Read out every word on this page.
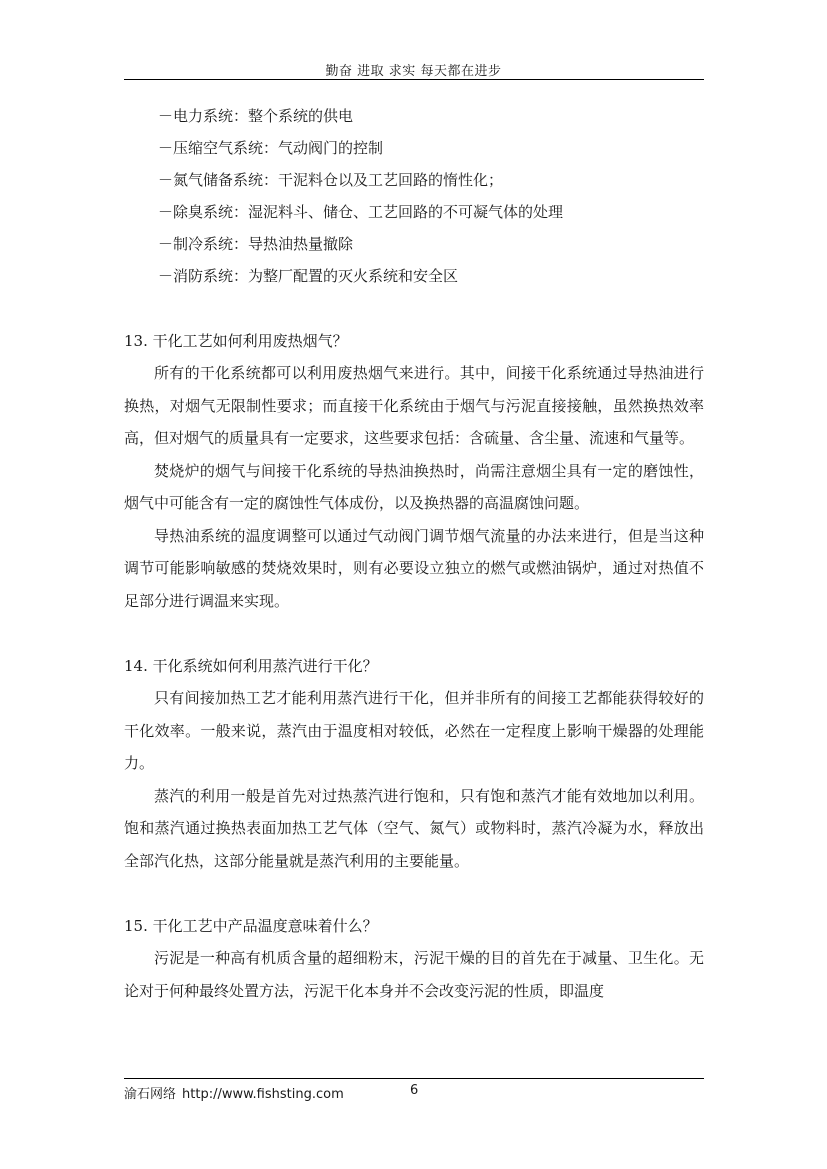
勤奋 进取 求实 每天都在进步
－电力系统：整个系统的供电
－压缩空气系统：气动阀门的控制
－氮气储备系统：干泥料仓以及工艺回路的惰性化；
－除臭系统：湿泥料斗、储仓、工艺回路的不可凝气体的处理
－制冷系统：导热油热量撤除
－消防系统：为整厂配置的灭火系统和安全区
13. 干化工艺如何利用废热烟气？
所有的干化系统都可以利用废热烟气来进行。其中，间接干化系统通过导热油进行换热，对烟气无限制性要求；而直接干化系统由于烟气与污泥直接接触，虽然换热效率高，但对烟气的质量具有一定要求，这些要求包括：含硫量、含尘量、流速和气量等。
焚烧炉的烟气与间接干化系统的导热油换热时，尚需注意烟尘具有一定的磨蚀性，烟气中可能含有一定的腐蚀性气体成份，以及换热器的高温腐蚀问题。
导热油系统的温度调整可以通过气动阀门调节烟气流量的办法来进行，但是当这种调节可能影响敏感的焚烧效果时，则有必要设立独立的燃气或燃油锅炉，通过对热值不足部分进行调温来实现。
14. 干化系统如何利用蒸汽进行干化？
只有间接加热工艺才能利用蒸汽进行干化，但并非所有的间接工艺都能获得较好的干化效率。一般来说，蒸汽由于温度相对较低，必然在一定程度上影响干燥器的处理能力。
蒸汽的利用一般是首先对过热蒸汽进行饱和，只有饱和蒸汽才能有效地加以利用。饱和蒸汽通过换热表面加热工艺气体（空气、氮气）或物料时，蒸汽冷凝为水，释放出全部汽化热，这部分能量就是蒸汽利用的主要能量。
15. 干化工艺中产品温度意味着什么？
污泥是一种高有机质含量的超细粉末，污泥干燥的目的首先在于减量、卫生化。无论对于何种最终处置方法，污泥干化本身并不会改变污泥的性质，即温度
渝石网络 http://www.fishsting.com	6
